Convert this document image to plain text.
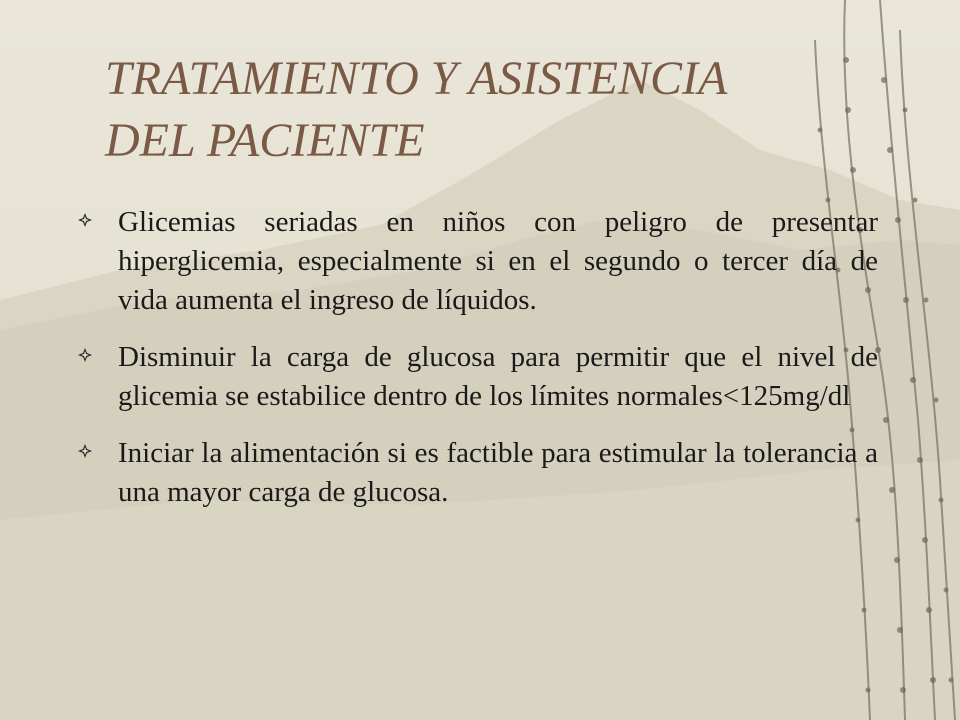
TRATAMIENTO Y ASISTENCIA
DEL PACIENTE
Glicemias seriadas en niños con peligro de presentar hiperglicemia, especialmente si en el segundo o tercer día de vida aumenta el ingreso de líquidos.
Disminuir la carga de glucosa para permitir que el nivel de glicemia se estabilice dentro de los límites normales<125mg/dl
Iniciar la alimentación si es factible para estimular la tolerancia a una mayor carga de glucosa.
